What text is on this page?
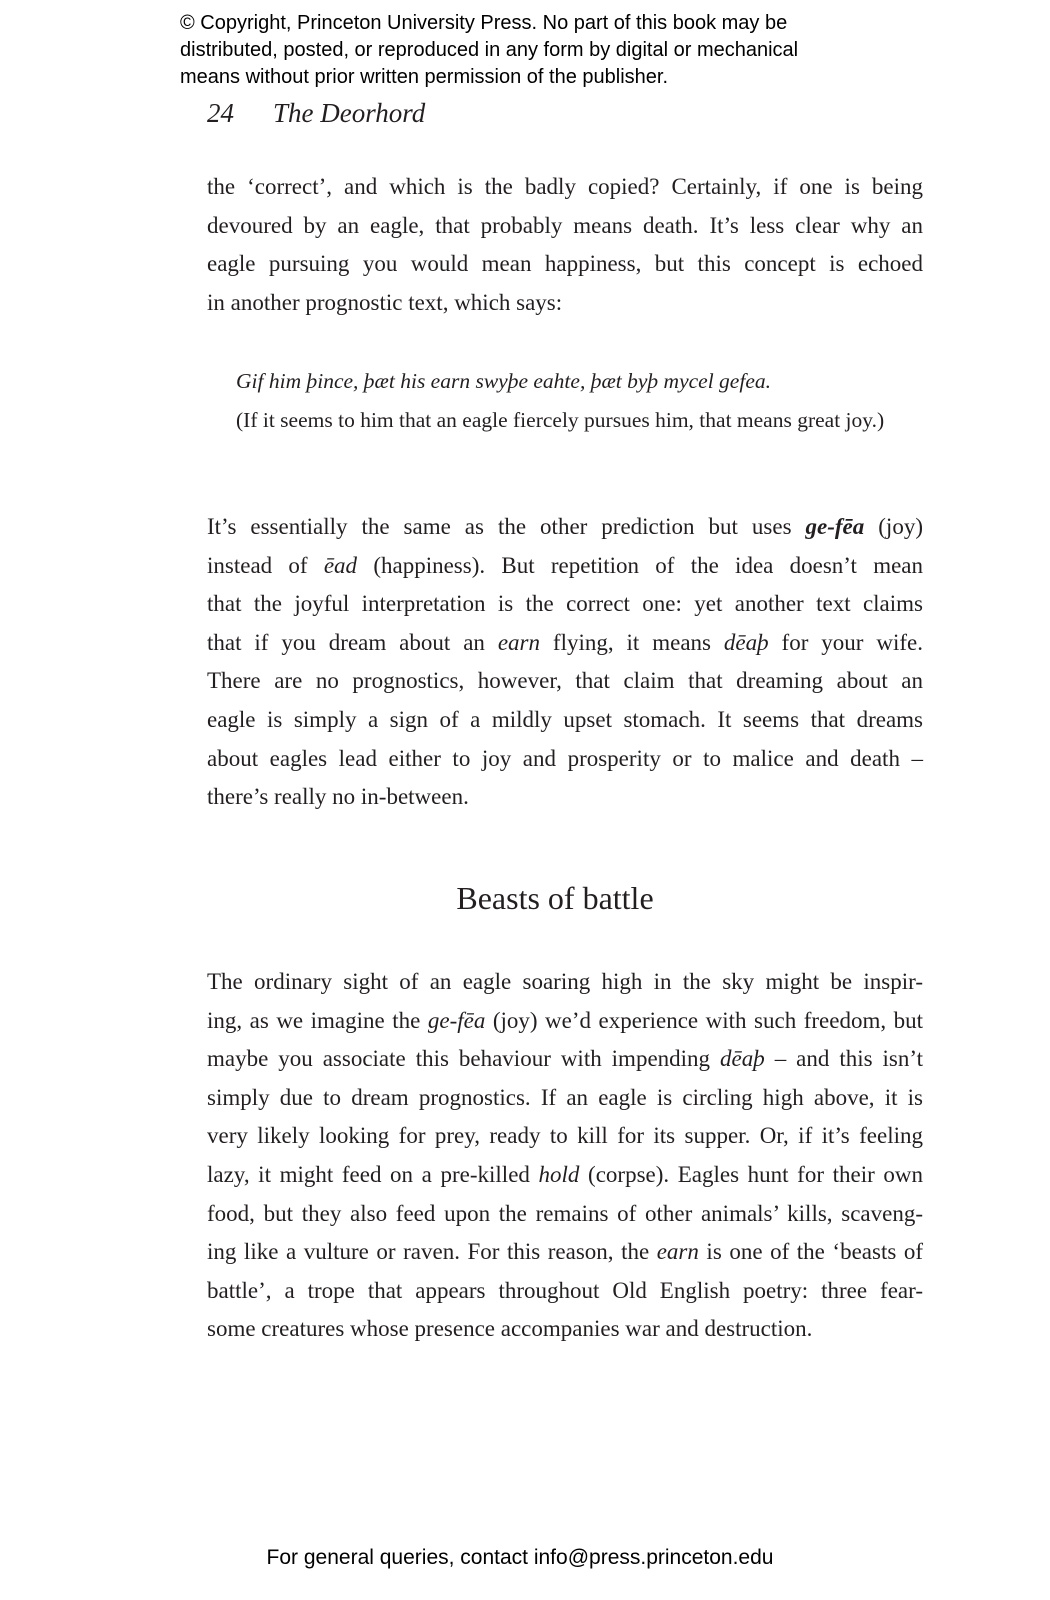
© Copyright, Princeton University Press. No part of this book may be
distributed, posted, or reproduced in any form by digital or mechanical
means without prior written permission of the publisher.
24 The Deorhord

the ‘correct’, and which is the badly copied? Certainly, if one is being
devoured by an eagle, that probably means death. It’s less clear why an
eagle pursuing you would mean happiness, but this concept is echoed
in another prognostic text, which says:

Gif him þince, þæt his earn swyþe eahte, þæt byþ mycel gefea.
(If it seems to him that an eagle fiercely pursues him, that means great joy.)

It’s essentially the same as the other prediction but uses ge-fēa (joy)
instead of ēad (happiness). But repetition of the idea doesn’t mean
that the joyful interpretation is the correct one: yet another text claims
that if you dream about an earn flying, it means dēaþ for your wife.
There are no prognostics, however, that claim that dreaming about an
eagle is simply a sign of a mildly upset stomach. It seems that dreams
about eagles lead either to joy and prosperity or to malice and death –
there’s really no in-between.

Beasts of battle

The ordinary sight of an eagle soaring high in the sky might be inspir-
ing, as we imagine the ge-fēa (joy) we’d experience with such freedom, but
maybe you associate this behaviour with impending dēaþ – and this isn’t
simply due to dream prognostics. If an eagle is circling high above, it is
very likely looking for prey, ready to kill for its supper. Or, if it’s feeling
lazy, it might feed on a pre-killed hold (corpse). Eagles hunt for their own
food, but they also feed upon the remains of other animals’ kills, scaveng-
ing like a vulture or raven. For this reason, the earn is one of the ‘beasts of
battle’, a trope that appears throughout Old English poetry: three fear-
some creatures whose presence accompanies war and destruction.

For general queries, contact info@press.princeton.edu
